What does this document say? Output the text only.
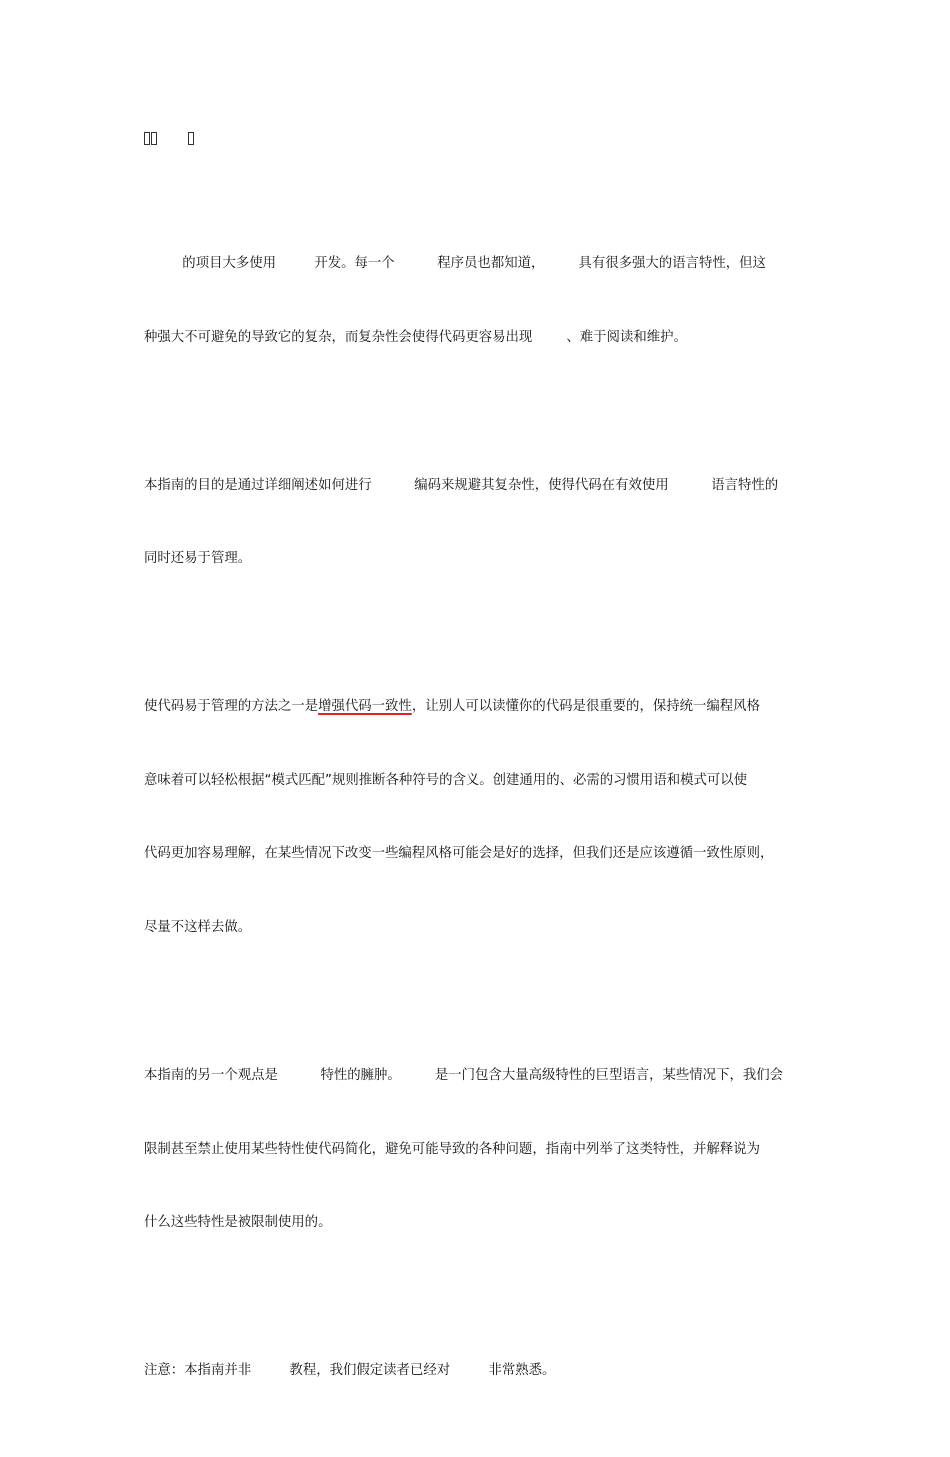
的项目大多使用         开发。每一个          程序员也都知道，        具有很多强大的语言特性，但这

种强大不可避免的导致它的复杂，而复杂性会使得代码更容易出现        、难于阅读和维护。

本指南的目的是通过详细阐述如何进行          编码来规避其复杂性，使得代码在有效使用          语言特性的

同时还易于管理。

使代码易于管理的方法之一是增强代码一致性，让别人可以读懂你的代码是很重要的，保持统一编程风格

意味着可以轻松根据“模式匹配”规则推断各种符号的含义。创建通用的、必需的习惯用语和模式可以使

代码更加容易理解，在某些情况下改变一些编程风格可能会是好的选择，但我们还是应该遵循一致性原则，

尽量不这样去做。

本指南的另一个观点是          特性的臃肿。        是一门包含大量高级特性的巨型语言，某些情况下，我们会

限制甚至禁止使用某些特性使代码简化，避免可能导致的各种问题，指南中列举了这类特性，并解释说为

什么这些特性是被限制使用的。

注意：本指南并非         教程，我们假定读者已经对         非常熟悉。
